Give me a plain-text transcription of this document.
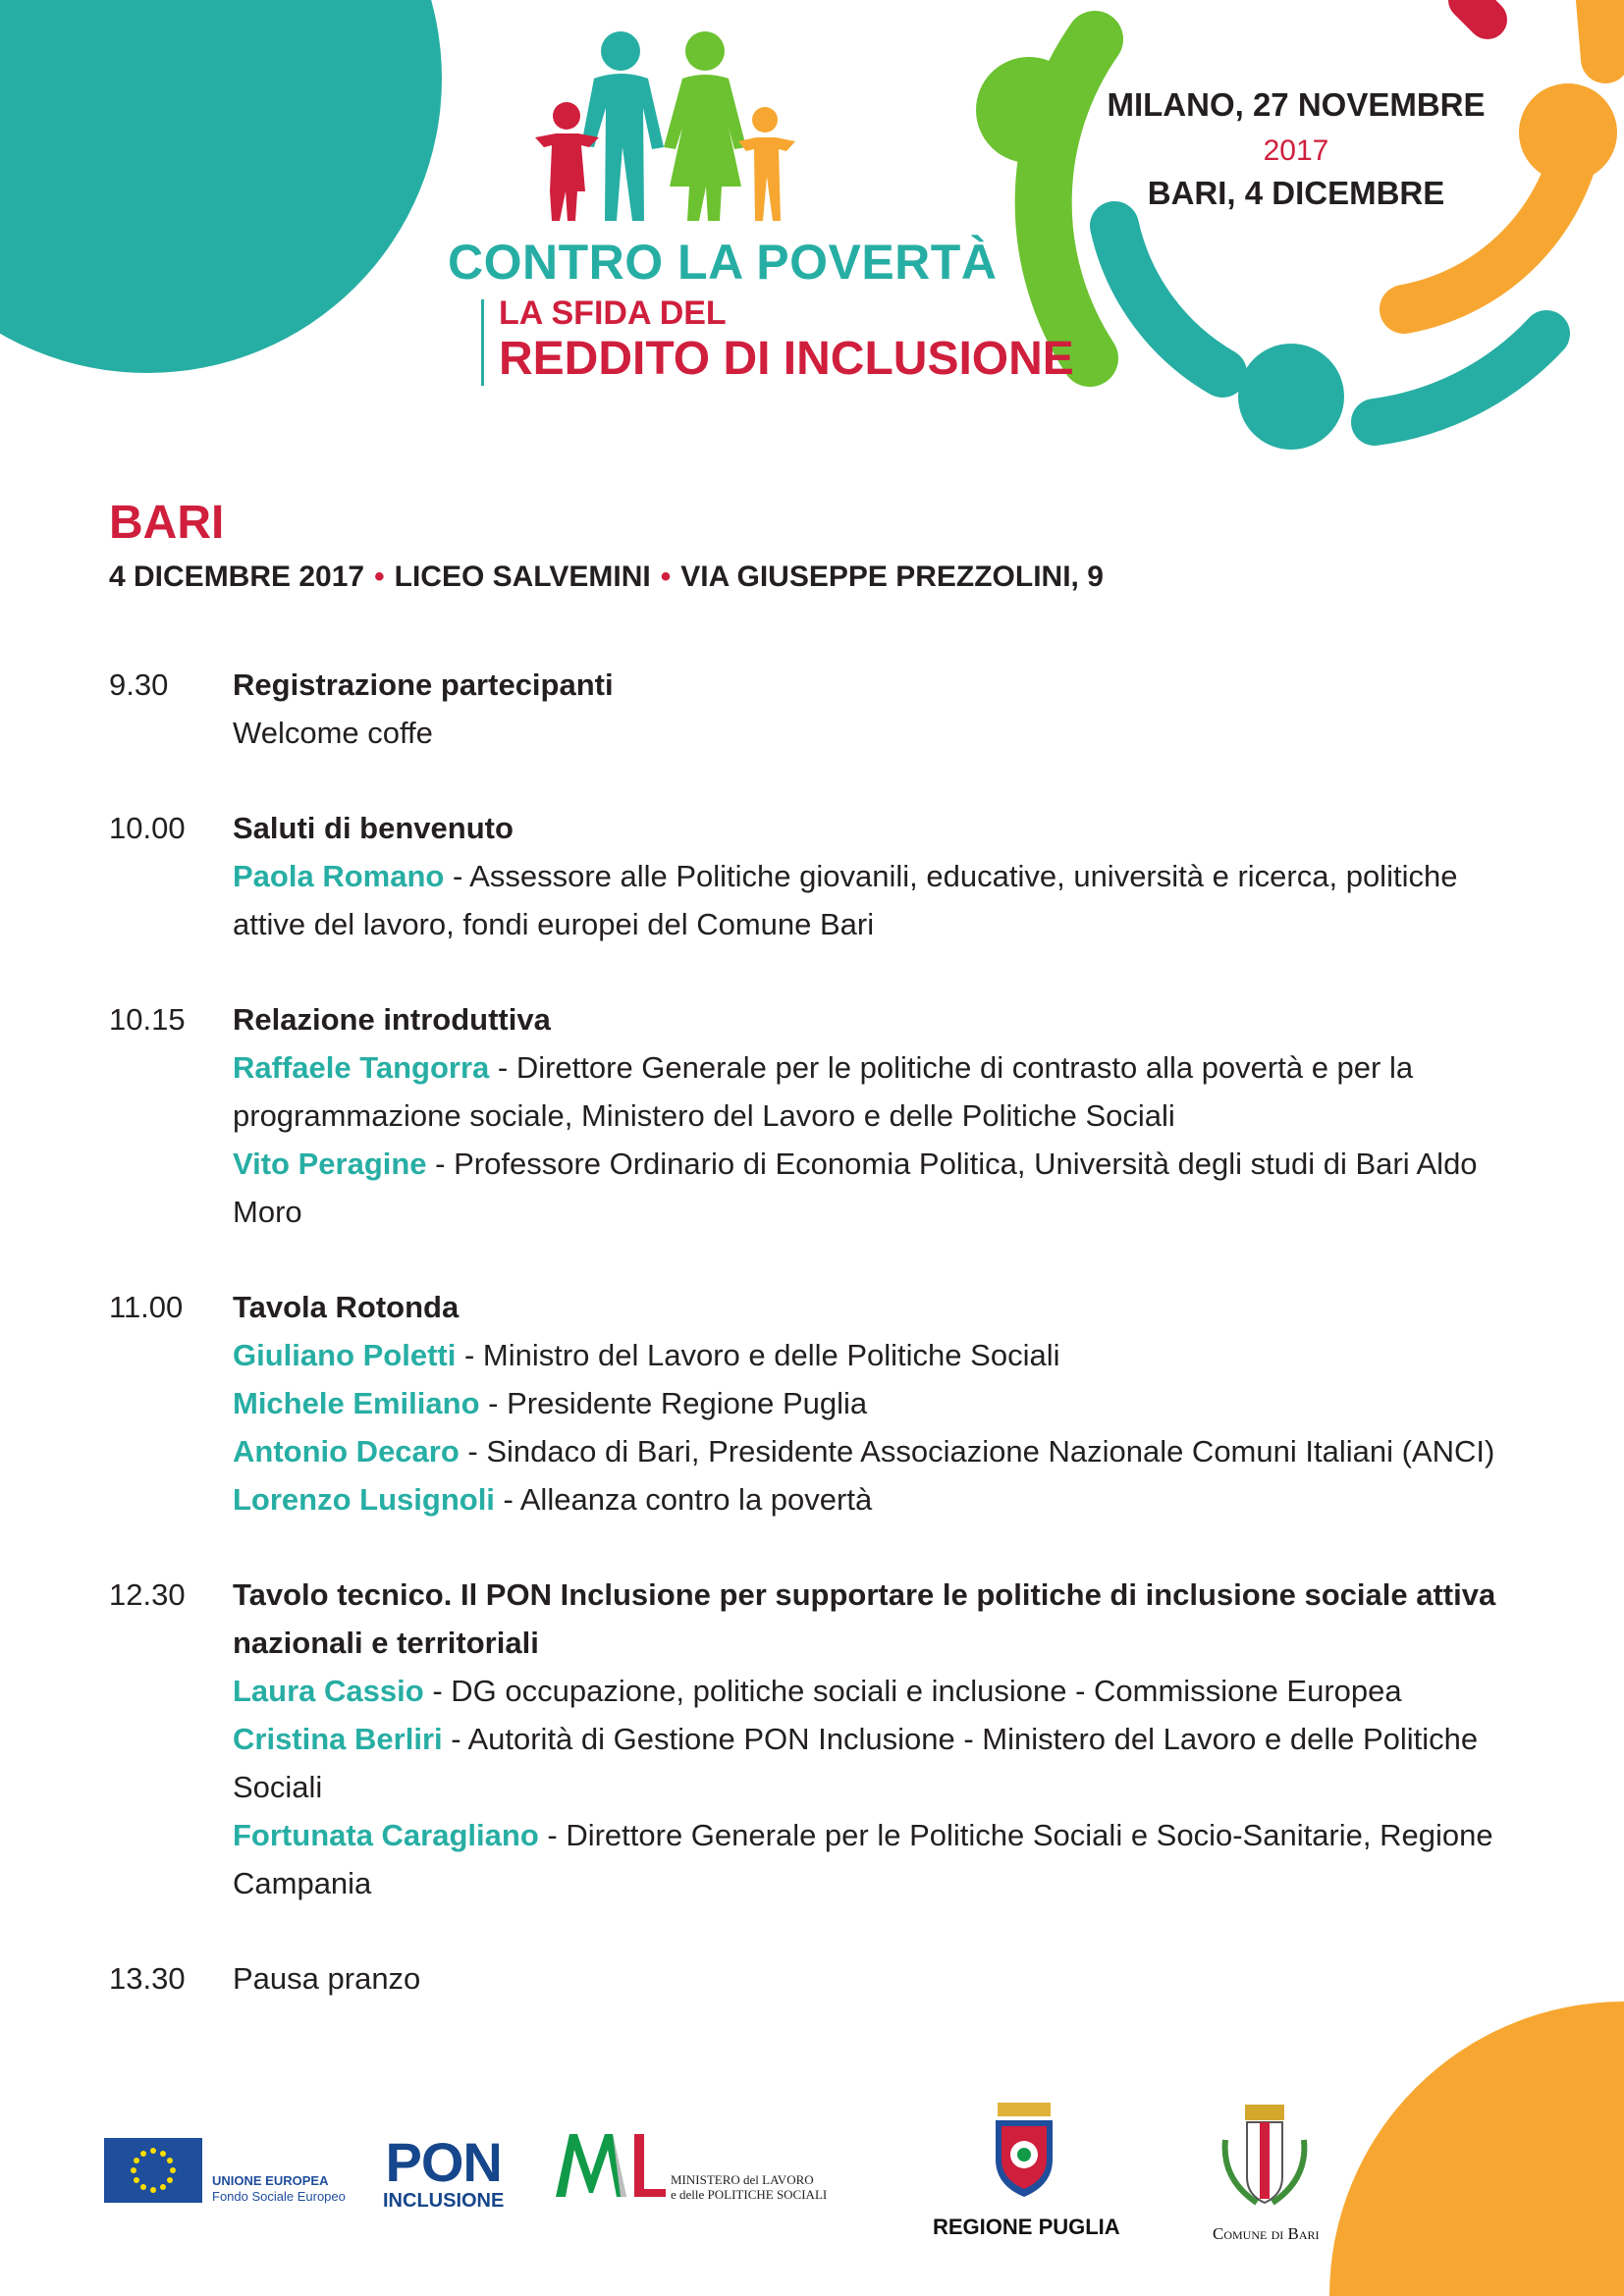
CONTRO LA POVERTÀ
LA SFIDA DEL
REDDITO DI INCLUSIONE
MILANO, 27 NOVEMBRE
2017
BARI, 4 DICEMBRE
BARI
4 DICEMBRE 2017 • LICEO SALVEMINI • VIA GIUSEPPE PREZZOLINI, 9
9.30	Registrazione partecipanti
Welcome coffe
10.00	Saluti di benvenuto
Paola Romano - Assessore alle Politiche giovanili, educative, università e ricerca, politiche attive del lavoro, fondi europei del Comune Bari
10.15	Relazione introduttiva
Raffaele Tangorra - Direttore Generale per le politiche di contrasto alla povertà e per la programmazione sociale, Ministero del Lavoro e delle Politiche Sociali
Vito Peragine - Professore Ordinario di Economia Politica, Università degli studi di Bari Aldo Moro
11.00	Tavola Rotonda
Giuliano Poletti - Ministro del Lavoro e delle Politiche Sociali
Michele Emiliano - Presidente Regione Puglia
Antonio Decaro - Sindaco di Bari, Presidente Associazione Nazionale Comuni Italiani (ANCI)
Lorenzo Lusignoli - Alleanza contro la povertà
12.30	Tavolo tecnico. Il PON Inclusione per supportare le politiche di inclusione sociale attiva nazionali e territoriali
Laura Cassio - DG occupazione, politiche sociali e inclusione - Commissione Europea
Cristina Berliri - Autorità di Gestione PON Inclusione - Ministero del Lavoro e delle Politiche Sociali
Fortunata Caragliano - Direttore Generale per le Politiche Sociali e Socio-Sanitarie, Regione Campania
13.30	Pausa pranzo
UNIONE EUROPEA
Fondo Sociale Europeo
PON
INCLUSIONE
MINISTERO del LAVORO
e delle POLITICHE SOCIALI
REGIONE PUGLIA	Comune di Bari
